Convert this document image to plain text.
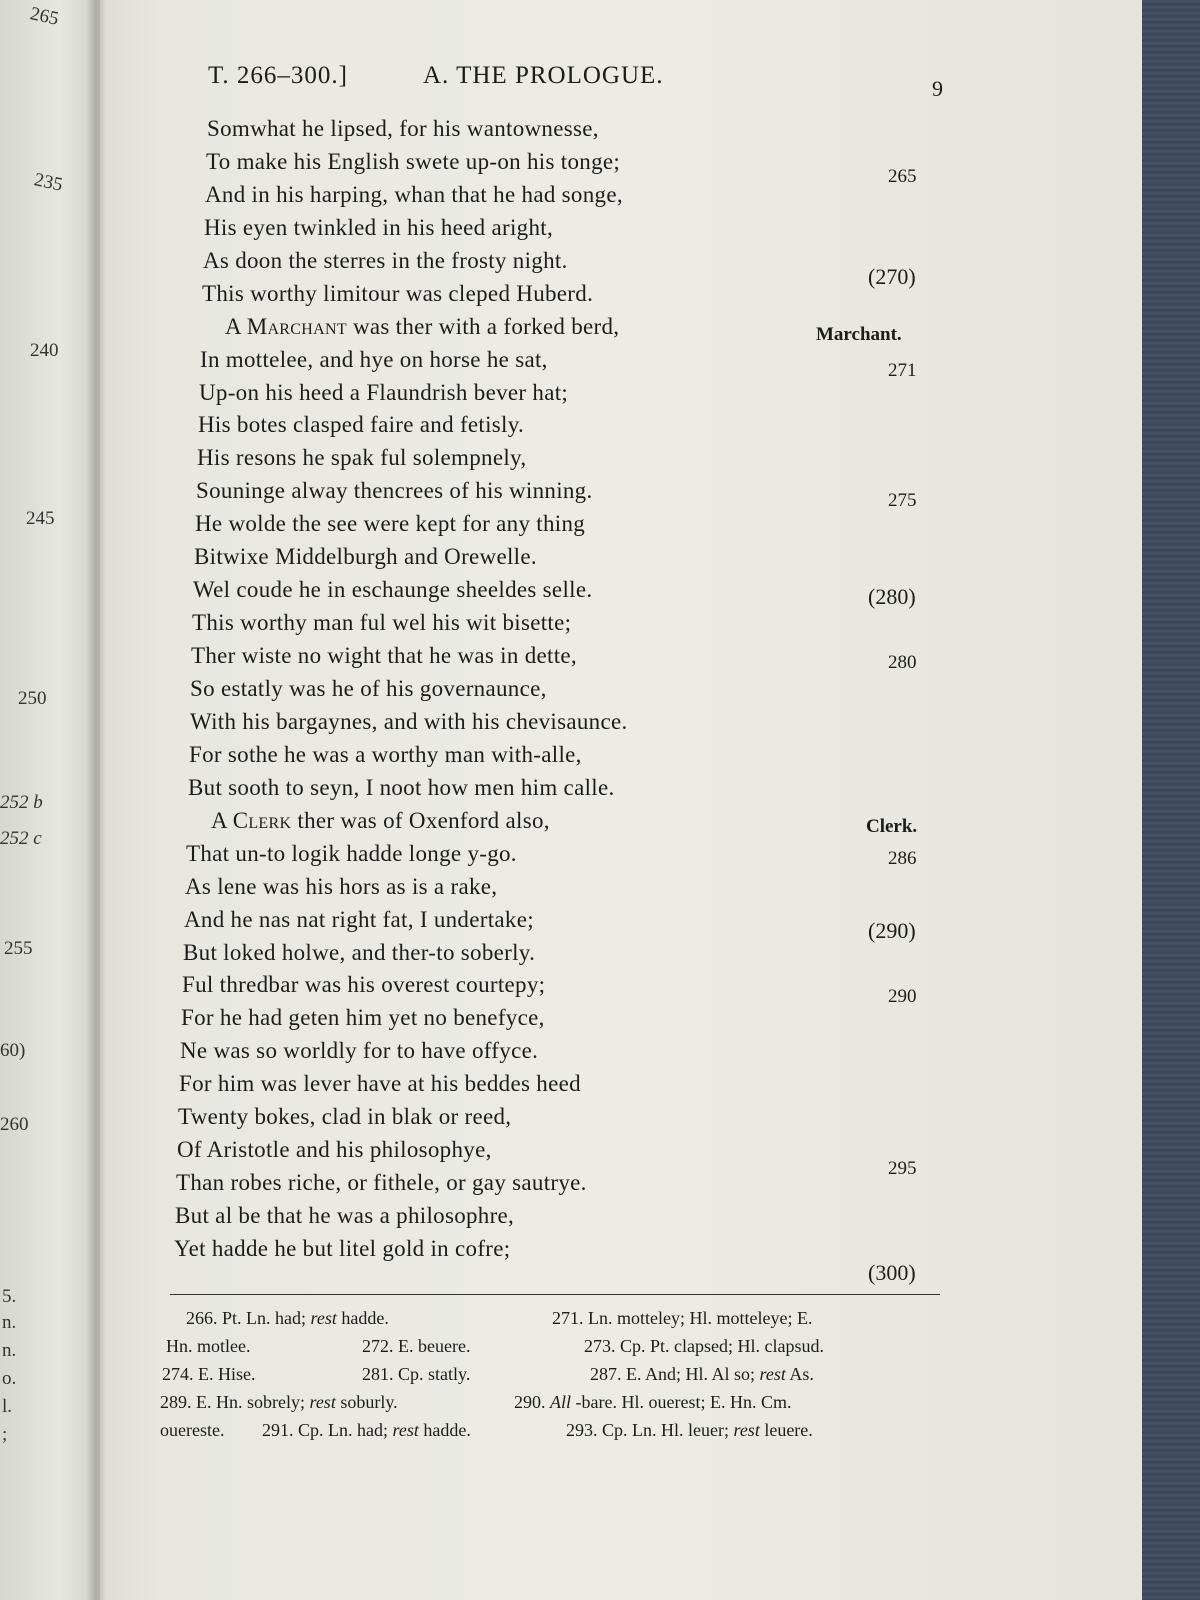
265
235
240
245
250
252 b
252 c
255
60)
260
5.
n.
n.
o.
l.
;
T. 266–300.]	A. THE PROLOGUE.	9
Somwhat he lipsed, for his wantownesse,
To make his English swete up-on his tonge;
And in his harping, whan that he had songe,
His eyen twinkled in his heed aright,
As doon the sterres in the frosty night.
This worthy limitour was cleped Huberd.
A Marchant was ther with a forked berd,
In mottelee, and hye on horse he sat,
Up-on his heed a Flaundrish bever hat;
His botes clasped faire and fetisly.
His resons he spak ful solempnely,
Souninge alway thencrees of his winning.
He wolde the see were kept for any thing
Bitwixe Middelburgh and Orewelle.
Wel coude he in eschaunge sheeldes selle.
This worthy man ful wel his wit bisette;
Ther wiste no wight that he was in dette,
So estatly was he of his governaunce,
With his bargaynes, and with his chevisaunce.
For sothe he was a worthy man with-alle,
But sooth to seyn, I noot how men him calle.
A Clerk ther was of Oxenford also,
That un-to logik hadde longe y-go.
As lene was his hors as is a rake,
And he nas nat right fat, I undertake;
But loked holwe, and ther-to soberly.
Ful thredbar was his overest courtepy;
For he had geten him yet no benefyce,
Ne was so worldly for to have offyce.
For him was lever have at his beddes heed
Twenty bokes, clad in blak or reed,
Of Aristotle and his philosophye,
Than robes riche, or fithele, or gay sautrye.
But al be that he was a philosophre,
Yet hadde he but litel gold in cofre;
265
(270)
271
275
(280)
280
286
(290)
290
295
(300)
Marchant.
Clerk.
266. Pt. Ln. had; rest hadde.	271. Ln. motteley; Hl. motteleye; E.
Hn. motlee.	272. E. beuere.	273. Cp. Pt. clapsed; Hl. clapsud.
274. E. Hise.	281. Cp. statly.	287. E. And; Hl. Al so; rest As.
289. E. Hn. sobrely; rest soburly.	290. All -bare. Hl. ouerest; E. Hn. Cm.
ouereste. 291. Cp. Ln. had; rest hadde.	293. Cp. Ln. Hl. leuer; rest leuere.
